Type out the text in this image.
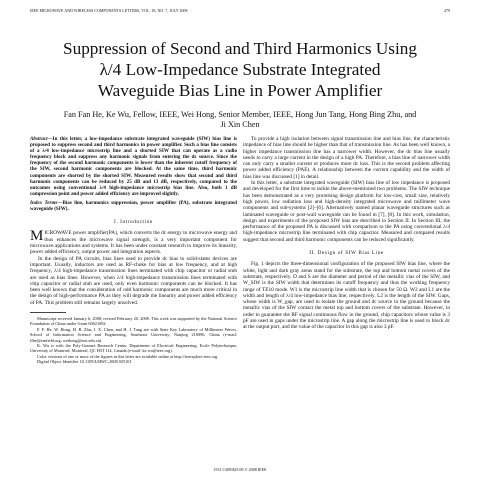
IEEE MICROWAVE AND WIRELESS COMPONENTS LETTERS, VOL. 18, NO. 7, JULY 2008	479
Suppression of Second and Third Harmonics Using
λ/4 Low-Impedance Substrate Integrated
Waveguide Bias Line in Power Amplifier
Fan Fan He, Ke Wu, Fellow, IEEE, Wei Hong, Senior Member, IEEE, Hong Jun Tang, Hong Bing Zhu, and
Ji Xin Chen

Abstract—In this letter, a low-impedance substrate integrated waveguide (SIW) bias line is proposed to suppress second and third harmonics in power amplifier. Such a bias line consists of a λ/4 low-impedance microstrip line and a shorted SIW that can operate as a radio frequency block and suppress any harmonic signals from entering the dc source. Since the frequency of the second harmonic components is lower than the inherent cutoff frequency of the SIW, second harmonic components are blocked. At the same time, third harmonic components are shorted by the shorted SIW. Measured results show that second and third harmonic components can be reduced by 25 dB and 13 dB, respectively, compared to the outcomes using conventional λ/4 high-impedance microstrip bias line. Also, both 1 dB compression point and power added efficiency are improved slightly.

Index Terms—Bias line, harmonics suppression, power amplifier (PA), substrate integrated waveguide (SIW).

I. Introduction

MICROWAVE power amplifier(PA), which converts the dc energy to microwave energy and thus enhances the microwave signal strength, is a very important component for microwave applications and systems. It has been under constant research to improve its linearity, power added efficiency, output power and integration aspects.

In the design of PA circuits, bias lines used to provide dc bias to solid-states devices are important. Usually, inductors are used as RF-choke for bias at low frequency, and at high frequency, λ/4 high-impedance transmission lines terminated with chip capacitor or radial stub are used as bias lines. However, when λ/4 high-impedance transmission lines terminated with chip capacitor or radial stub are used, only even harmonic components can be blocked. It has been well known that the consideration of odd harmonic components are much more critical in the design of high-performance PA as they will degrade the linearity and power added efficiency of PA. This problem still remains largely unsolved.

Manuscript received January 6, 2008; revised February 20, 2008. This work was supported by the National Science Foundation of China under Grant 60621002.

F. F. He, W. Hong, H. B. Zhu, J. X. Chen, and H. J. Tang are with State Key Laboratory of Millimeter Waves, School of Information Science and Engineering, Southeast University, Nanjing 210096, China (e-mail: ffhe@emfield.org; weihong@seu.edu.cn).

K. Wu is with the Poly-Grames Research Center, Department of Electrical Engineering, Ecole Polytechnique, University of Montreal, Montreal, QC H3T 1J4, Canada (e-mail: ke.wu@ieee.org).

Color versions of one or more of the figures in this letter are available online at http://ieeexplore.ieee.org.

Digital Object Identifier 10.1109/LMWC.2008.925101

To provide a high isolation between signal transmission line and bias line, the characteristic impedance of bias line should be higher than that of transmission line. As has been well known, a higher impedance transmission line has a narrower width. However, the dc bias line usually needs to carry a large current in the design of a high PA. Therefore, a bias line of narrower width can only carry a smaller current or produces more dc loss. This is the second problem affecting power added efficiency (PAE). A relationship between the current capability and the width of bias line was discussed [1] in detail.

In this letter, a substrate integrated waveguide (SIW) bias line of low impedance is proposed and developed for the first time to tackle the above-mentioned two problems. The SIW technique has been demonstrated as a very promising design platform for low-cost, small size, relatively high power, low radiation loss and high-density integrated microwave and millimeter wave components and sub-systems [2]–[6]. Alternatively named planar waveguide structures such as laminated waveguide or post-wall waveguide can be found in [7], [8]. In this work, simulation, design and experiments of the proposed SIW bias are described in Section II. In Section III, the performance of the proposed PA is discussed with comparison to the PA using conventional λ/4 high-impedance microstrip line terminated with chip capacitor. Measured and compared results suggest that second and third harmonic components can be reduced significantly.

II. Design of SIW Bias Line

Fig. 1 depicts the three-dimensional configuration of the proposed SIW bias line, where the white, light and dark gray areas stand for the substrate, the top and bottom metal covers of the substrate, respectively. D and S are the diameter and period of the metallic vias of the SIW, and W_SIW is the SIW width that determines its cutoff frequency and thus the working frequency range of TE10 mode. W1 is the microstrip line width that is chosen for 50 Ω. W2 and L1 are the width and length of λ/4 low-impedance bias line, respectively. L2 is the length of the SIW. Gaps, whose width is W_gap, are used to isolate the ground and dc source in the ground because the metallic vias of the SIW contact the metal top and bottom covers of the substrate. However, in order to guarantee the RF signal continuous flow in the ground, chip capacitors whose value is 3 pF are used in gaps under the microstrip line. A gap along the microstrip line is used to block dc at the output port, and the value of the capacitor in this gap is also 3 pF.

1531-1309/$25.00 © 2008 IEEE
